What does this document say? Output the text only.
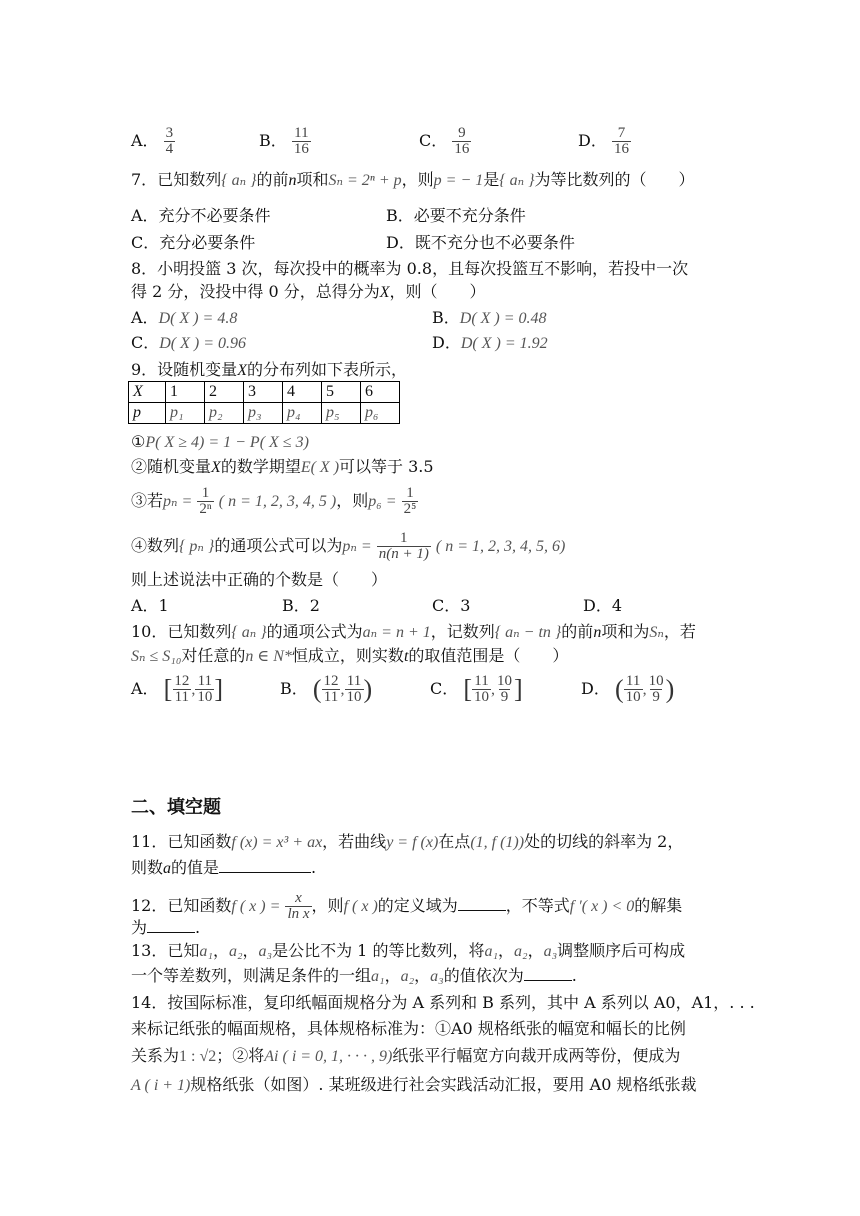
A． $\frac{3}{4}$	B． $\frac{11}{16}$	C． $\frac{9}{16}$	D． $\frac{7}{16}$
7．已知数列{ aₙ }的前n项和Sₙ = 2ⁿ + p，则p = − 1是{ aₙ }为等比数列的（　　）
A．充分不必要条件	B．必要不充分条件
C．充分必要条件	D．既不充分也不必要条件
8．小明投篮 3 次，每次投中的概率为 0.8，且每次投篮互不影响，若投中一次
得 2 分，没投中得 0 分，总得分为X，则（　　）
A．D( X ) = 4.8	B．D( X ) = 0.48
C．D( X ) = 0.96	D．D( X ) = 1.92
9．设随机变量X的分布列如下表所示，
X	1	2	3	4	5	6
p	p₁	p₂	p₃	p₄	p₅	p₆
①P( X ≥ 4) = 1 − P( X ≤ 3)
②随机变量X的数学期望E( X )可以等于 3.5
③若$p_n = \frac{1}{\text{2ⁿ}}$ ( n = 1, 2, 3, 4, 5 )，则$p_6 = \frac{1}{\text{2⁵}}$
④数列{ pₙ }的通项公式可以为$p_n = \frac{1}{n(n + 1)}$ ( n = 1, 2, 3, 4, 5, 6)
则上述说法中正确的个数是（　　）
A．1	B．2	C．3	D．4
10．已知数列{ aₙ }的通项公式为aₙ = n + 1，记数列{ aₙ − tn }的前n项和为Sₙ，若
Sₙ ≤ S₁₀对任意的n ∈ N*恒成立，则实数t的取值范围是（　　）
A． [ $\frac{12}{11}$ , $\frac{11}{10}$ ]	B． ( $\frac{12}{11}$ , $\frac{11}{10}$ )	C． [ $\frac{11}{10}$ , $\frac{10}{9}$ ]	D． ( $\frac{11}{10}$ , $\frac{10}{9}$ )
二、填空题
11．已知函数f (x) = x³ + ax，若曲线y = f (x)在点(1, f (1))处的切线的斜率为 2，
则数a的值是	.
12．已知函数f ( x ) = $\frac{x}{\text{ln x}}$ ，则f ( x )的定义域为	，不等式f ′( x ) < 0的解集
为	.
13．已知a₁，a₂，a₃是公比不为 1 的等比数列，将a₁，a₂，a₃调整顺序后可构成
一个等差数列，则满足条件的一组a₁，a₂，a₃的值依次为	.
14．按国际标准，复印纸幅面规格分为 A 系列和 B 系列，其中 A 系列以 A0，A1，. . .
来标记纸张的幅面规格，具体规格标准为：①A0 规格纸张的幅宽和幅长的比例
关系为1 : √2；②将Ai ( i = 0, 1, · · · , 9)纸张平行幅宽方向裁开成两等份，便成为
A ( i + 1)规格纸张（如图）. 某班级进行社会实践活动汇报，要用 A0 规格纸张裁
